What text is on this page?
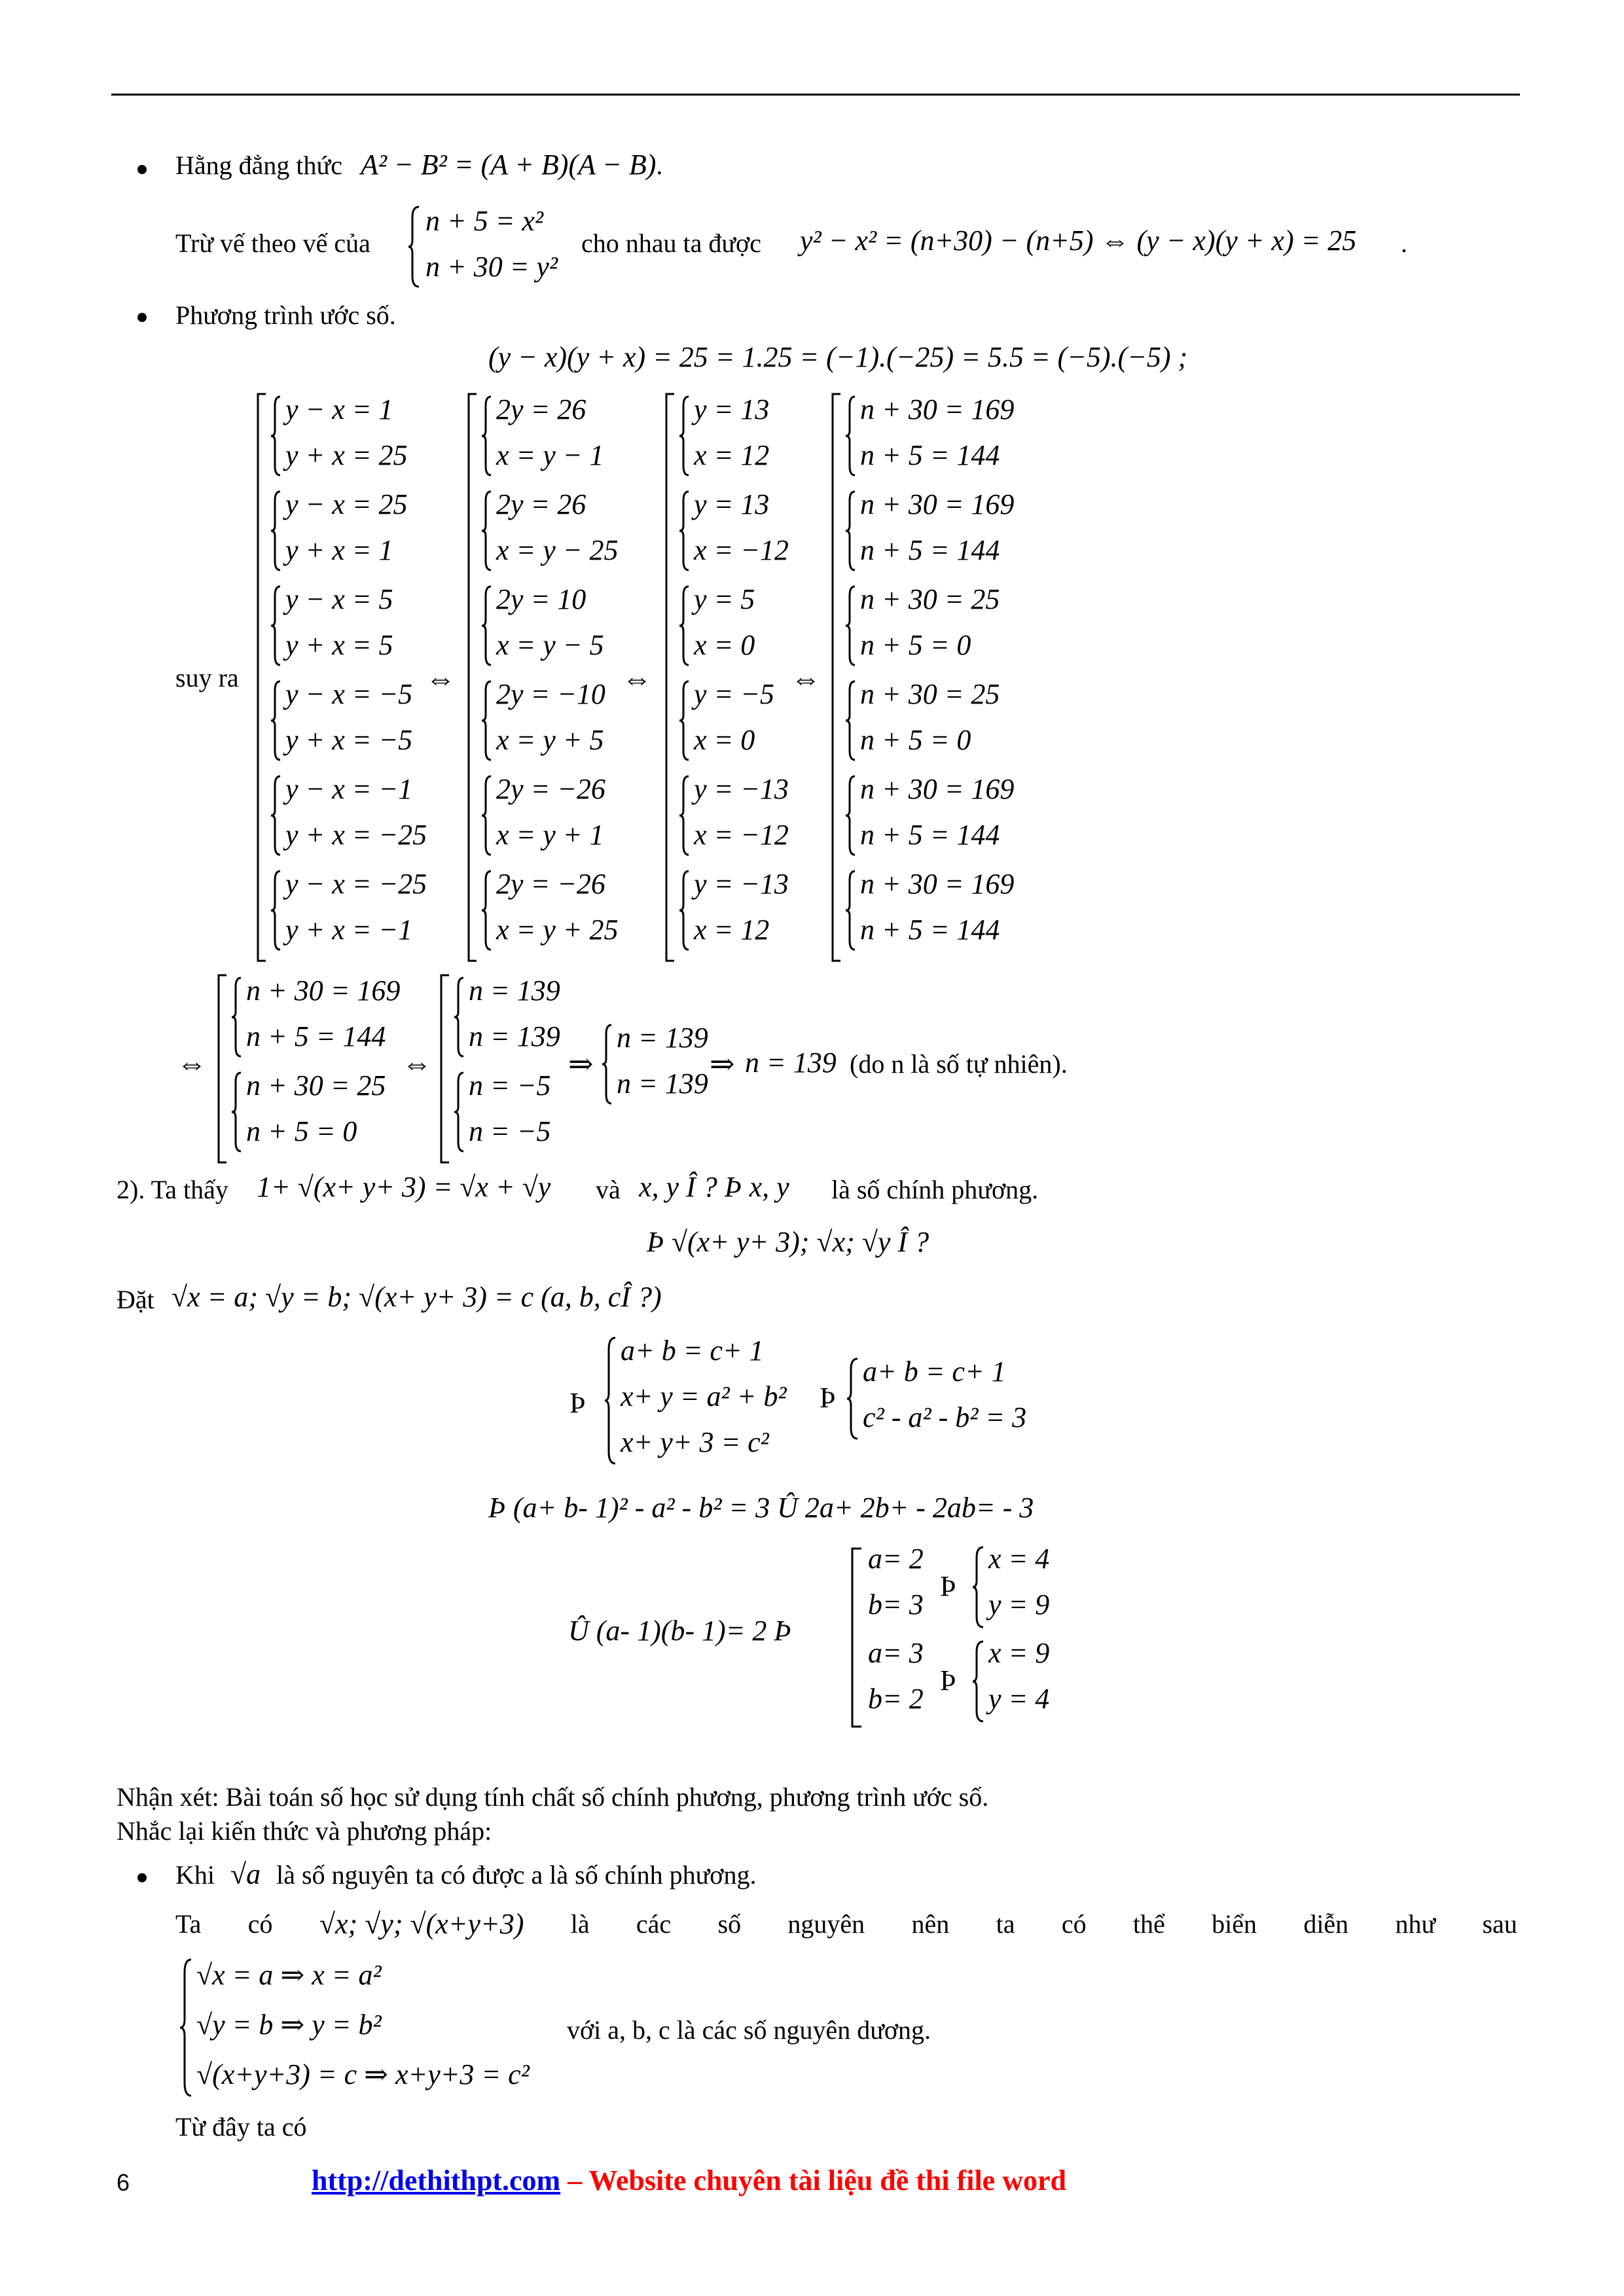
Hằng đẳng thức A² − B² = (A + B)(A − B).
Trừ vế theo vế của
n + 5 = x²
n + 30 = y²
cho nhau ta được y² − x² = (n+30) − (n+5) ⇔ (y − x)(y + x) = 25 .
Phương trình ước số.
(y − x)(y + x) = 25 = 1.25 = (−1).(−25) = 5.5 = (−5).(−5) ;
suy ra
y − x = 1
y + x = 25
y − x = 25
y + x = 1
y − x = 5
y + x = 5
y − x = −5
y + x = −5
y − x = −1
y + x = −25
y − x = −25
y + x = −1
⇔
2y = 26
x = y − 1
2y = 26
x = y − 25
2y = 10
x = y − 5
2y = −10
x = y + 5
2y = −26
x = y + 1
2y = −26
x = y + 25
⇔
y = 13
x = 12
y = 13
x = −12
y = 5
x = 0
y = −5
x = 0
y = −13
x = −12
y = −13
x = 12
⇔
n + 30 = 169
n + 5 = 144
n + 30 = 169
n + 5 = 144
n + 30 = 25
n + 5 = 0
n + 30 = 25
n + 5 = 0
n + 30 = 169
n + 5 = 144
n + 30 = 169
n + 5 = 144
⇔
n + 30 = 169
n + 5 = 144
n + 30 = 25
n + 5 = 0
⇔
n = 139
n = 139
n = −5
n = −5
⇒
n = 139
n = 139
⇒ n = 139 (do n là số tự nhiên).
2). Ta thấy 1+ √(x+ y+ 3) = √x + √y và x, y Î ? Þ x, y là số chính phương.
Þ √(x+ y+ 3); √x; √y Î ?
Đặt √x = a; √y = b; √(x+ y+ 3) = c (a, b, cÎ ?)
Þ
a+ b = c+ 1
x+ y = a² + b²
x+ y+ 3 = c²
Þ
a+ b = c+ 1
c² - a² - b² = 3
Þ (a+ b- 1)² - a² - b² = 3 Û 2a+ 2b+ - 2ab= - 3
Û (a- 1)(b- 1)= 2 Þ
a= 2
b= 3
a= 3
b= 2
Þ
Þ
x = 4
y = 9
x = 9
y = 4
Nhận xét: Bài toán số học sử dụng tính chất số chính phương, phương trình ước số.
Nhắc lại kiến thức và phương pháp:
Khi √a là số nguyên ta có được a là số chính phương.
Ta có √x; √y; √(x+y+3) là các số nguyên nên ta có thể biển diễn như sau
√x = a ⇒ x = a²
√y = b ⇒ y = b²
√(x+y+3) = c ⇒ x+y+3 = c²
với a, b, c là các số nguyên dương.
Từ đây ta có
6	http://dethithpt.com – Website chuyên tài liệu đề thi file word
